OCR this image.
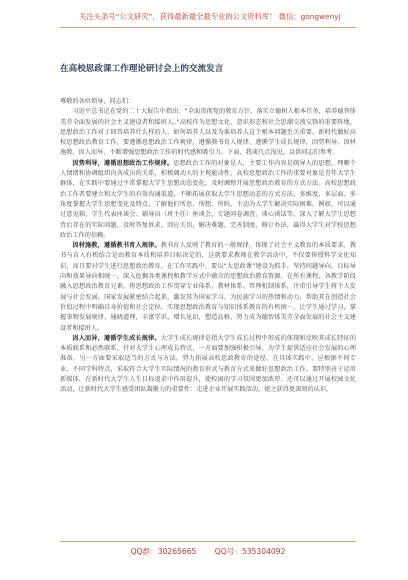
关注头条号“公文研究”，获得最新最全最专业的公文资料库！ 微信：gongwenyj
在高校思政课工作理论研讨会上的交流发言

尊敬的各位领导，同志们：

习近平总书记在党的二十大报告中指出：“全面贯彻党的教育方针，落实立德树人根本任务，培养德智体美劳全面发展的社会主义建设者和接班人。”高校作为思想文化、意识形态和社会思潮交流交锋的重要阵地，思想政治工作对于回答培养什么样的人、如何培养人以及为谁培养人这个根本问题至关重要。新时代做好高校思想政治教育工作，要遵循思想政治工作规律，遵循教书育人规律，遵循学生成长规律，因势利导，因材施教，因人而异，不断增强思想政治工作的时代感和吸引力。下面，我谈几点浅见，以供同志们参考。

因势利导，遵循思想政治工作规律。思想政治工作的对象是人，主要工作内容是疏导人的思想、理顺个人情绪和协调组织内各成员的关系，积极调动人的主观能动性。高校思想政治工作的重要对象是青年大学生群体，在实践中要通过平常掌握大学生思想动态变化，及时调整开展思想政治教育的方式方法。高校思想政治工作者要建立和大学生的有效沟通渠道，不断拓展获取大学生思想动态的方式方法，多维度、多层面、多角度掌握大学生思想变化及特点，了解他们所思、所想、所盼，主动为大学生解决实际困难。例如，可以通过意见箱、学生代表座谈会、辅导员（班主任）座谈会、专题问卷调查、谈心谈话等，深入了解大学生思想背后存在的实际问题，及时答复诉求，回应关切，解决难题，完善制度，修订办法，赢得大学生对学校思想政治工作的信赖。

因材施教，遵循教书育人规律。教书育人反映了教育的一般规律，体现了社会主义教育的本质要求。教书与育人有机结合是由教育本质和培养目标决定的，这就要求教师在教学活动中，不仅要传授科学文化知识，而且要对学生进行思想政治教育。在工作实践中，要以“大思政课”建设为抓手，坚持问题导向，目标导向和效果导向相统一，深入挖掘各类课程和教学方式中蕴含的思想政治教育资源。在所有课程、各教学阶段融入思想政治教育元素，将思想政治工作贯穿专业体系、教材体系、管理机制体系，注重引导学生将个人发展与社会发展、国家发展紧密结合起来，激发其为国家学习、为民族学习的热情和动力，帮助其在创造社会价值过程中明确自身价值和社会定位，实现思想政治教育与知识体系教育的有机统一。让学生通过学习，掌握事物发展规律，通晓道理，丰富学识，增长见识，塑造品格，努力成为德智体美劳全面发展的社会主义建设者和接班人。

因人而异，遵循学生成长规律。大学生成长规律是指大学生成长过程中形成的体现和反映其成长特征的本质联系和必然联系。针对大学生心理成长特点，一方面要加强积极引导，为学生提供适应社会发展的心理准备，另一方面要采取适当的方式与方法，努力拓展高校思政教育的途径。在具体实践中，应根据不同专业、不同学科特点，采取符合大学生实际情况的教育形式与教育方式来做好思想政治工作。要特别善于运用新媒体，在新时代大学生人生目标追求中作用提升，使校园的学习氛围更加浓厚。还可以通过开展校园文化活动，让新时代大学生感受团队凝聚力的重要性：走进企业开展实践活动，使之获得更深刻的认识。

QQ群：30265665 QQ号：535304092
